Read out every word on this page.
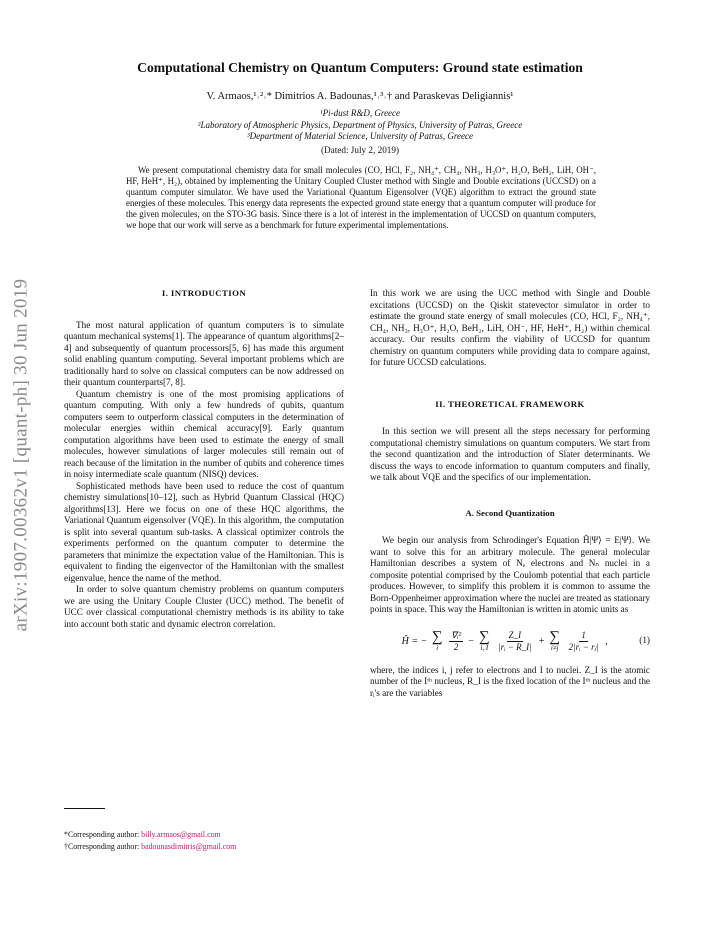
arXiv:1907.00362v1 [quant-ph] 30 Jun 2019
Computational Chemistry on Quantum Computers: Ground state estimation
V. Armaos,¹˒²˒* Dimitrios A. Badounas,¹˒³˒† and Paraskevas Deligiannis¹
¹Pi-dust R&D, Greece
²Laboratory of Atmospheric Physics, Department of Physics, University of Patras, Greece
³Department of Material Science, University of Patras, Greece
(Dated: July 2, 2019)

We present computational chemistry data for small molecules (CO, HCl, F₂, NH₄⁺, CH₄, NH₃, H₃O⁺, H₂O, BeH₂, LiH, OH⁻, HF, HeH⁺, H₂), obtained by implementing the Unitary Coupled Cluster method with Single and Double excitations (UCCSD) on a quantum computer simulator. We have used the Variational Quantum Eigensolver (VQE) algorithm to extract the ground state energies of these molecules. This energy data represents the expected ground state energy that a quantum computer will produce for the given molecules, on the STO-3G basis. Since there is a lot of interest in the implementation of UCCSD on quantum computers, we hope that our work will serve as a benchmark for future experimental implementations.

I. INTRODUCTION

The most natural application of quantum computers is to simulate quantum mechanical systems[1]. The appearance of quantum algorithms[2–4] and subsequently of quantum processors[5, 6] has made this argument solid enabling quantum computing. Several important problems which are traditionally hard to solve on classical computers can be now addressed on their quantum counterparts[7, 8].

Quantum chemistry is one of the most promising applications of quantum computing. With only a few hundreds of qubits, quantum computers seem to outperform classical computers in the determination of molecular energies within chemical accuracy[9]. Early quantum computation algorithms have been used to estimate the energy of small molecules, however simulations of larger molecules still remain out of reach because of the limitation in the number of qubits and coherence times in noisy intermediate scale quantum (NISQ) devices.

Sophisticated methods have been used to reduce the cost of quantum chemistry simulations[10–12], such as Hybrid Quantum Classical (HQC) algorithms[13]. Here we focus on one of these HQC algorithms, the Variational Quantum eigensolver (VQE). In this algorithm, the computation is split into several quantum sub-tasks. A classical optimizer controls the experiments performed on the quantum computer to determine the parameters that minimize the expectation value of the Hamiltonian. This is equivalent to finding the eigenvector of the Hamiltonian with the smallest eigenvalue, hence the name of the method.

In order to solve quantum chemistry problems on quantum computers we are using the Unitary Couple Cluster (UCC) method. The benefit of UCC over classical computational chemistry methods is its ability to take into account both static and dynamic electron correlation.

In this work we are using the UCC method with Single and Double excitations (UCCSD) on the Qiskit statevector simulator in order to estimate the ground state energy of small molecules (CO, HCl, F₂, NH₄⁺, CH₄, NH₃, H₃O⁺, H₂O, BeH₂, LiH, OH⁻, HF, HeH⁺, H₂) within chemical accuracy. Our results confirm the viability of UCCSD for quantum chemistry on quantum computers while providing data to compare against, for future UCCSD calculations.

II. THEORETICAL FRAMEWORK

In this section we will present all the steps necessary for performing computational chemistry simulations on quantum computers. We start from the second quantization and the introduction of Slater determinants. We discuss the ways to encode information to quantum computers and finally, we talk about VQE and the specifics of our implementation.

A. Second Quantization

We begin our analysis from Schrodinger's Equation Ĥ|Ψ⟩ = E|Ψ⟩. We want to solve this for an arbitrary molecule. The general molecular Hamiltonian describes a system of Nₑ electrons and Nₙ nuclei in a composite potential comprised by the Coulomb potential that each particle produces. However, to simplify this problem it is common to assume the Born-Oppenheimer approximation where the nuclei are treated as stationary points in space. This way the Hamiltonian is written in atomic units as

Ĥ = − ∑
i
$\frac{\text{∇ᵢ²}}{2}$ − ∑
i, I
$\frac{Z\_I}{\text{|rᵢ − R\_I|}}$ + ∑
i≠j
$\frac{1}{\text{2|rᵢ − rⱼ|}}$ ,	(1)

where, the indices i, j refer to electrons and I to nuclei. Z_I is the atomic number of the Iᵗʰ nucleus, R_I is the fixed location of the Iᵗʰ nucleus and the rᵢ's are the variables

*Corresponding author: billy.armaos@gmail.com
†Corresponding author: badounasdimitris@gmail.com
